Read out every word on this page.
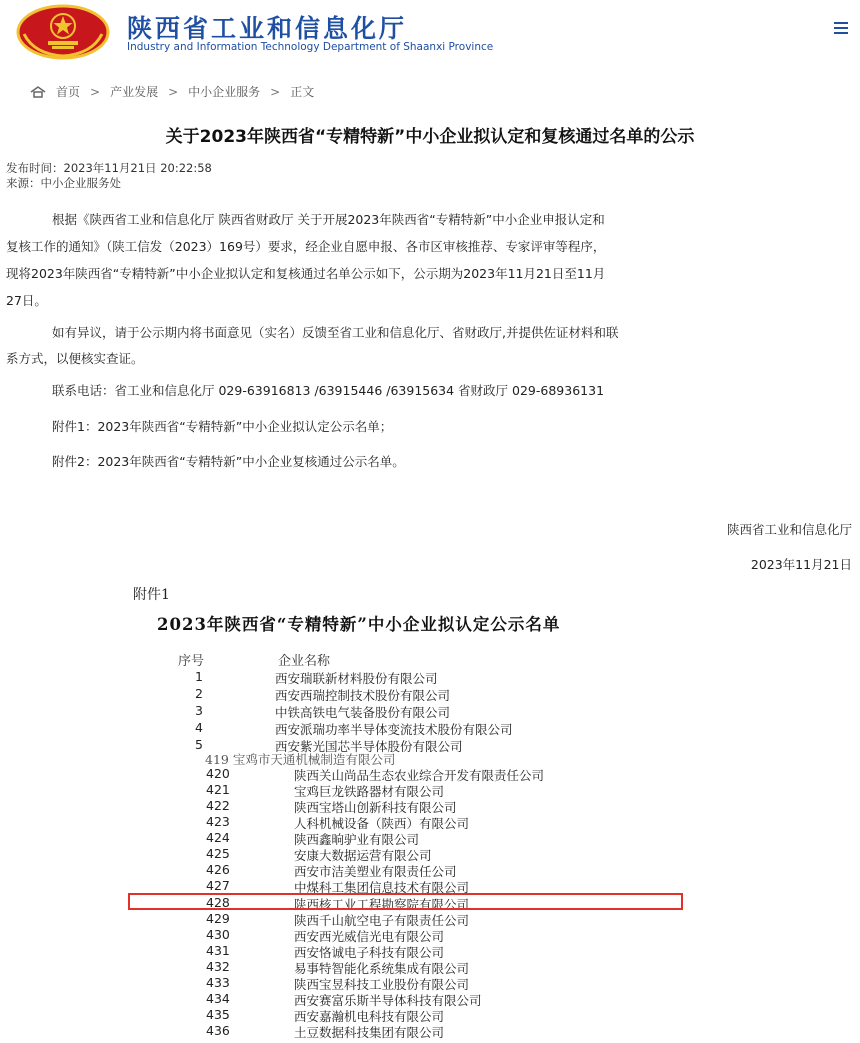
陕西省工业和信息化厅
Industry and Information Technology Department of Shaanxi Province
首页 > 产业发展 > 中小企业服务 > 正文
关于2023年陕西省“专精特新”中小企业拟认定和复核通过名单的公示
发布时间：2023年11月21日 20:22:58
来源：中小企业服务处
根据《陕西省工业和信息化厅 陕西省财政厅 关于开展2023年陕西省“专精特新”中小企业申报认定和
复核工作的通知》（陕工信发（2023）169号）要求，经企业自愿申报、各市区审核推荐、专家评审等程序，
现将2023年陕西省“专精特新”中小企业拟认定和复核通过名单公示如下，公示期为2023年11月21日至11月
27日。
如有异议，请于公示期内将书面意见（实名）反馈至省工业和信息化厅、省财政厅,并提供佐证材料和联
系方式，以便核实查证。
联系电话：省工业和信息化厅 029-63916813 /63915446 /63915634 省财政厅 029-68936131
附件1：2023年陕西省“专精特新”中小企业拟认定公示名单；
附件2：2023年陕西省“专精特新”中小企业复核通过公示名单。
陕西省工业和信息化厅
2023年11月21日
附件1
2023年陕西省“专精特新”中小企业拟认定公示名单
序号	企业名称
1	西安瑞联新材料股份有限公司
2	西安西瑞控制技术股份有限公司
3	中铁高铁电气装备股份有限公司
4	西安派瑞功率半导体变流技术股份有限公司
5	西安紫光国芯半导体股份有限公司
419 宝鸡市天通机械制造有限公司
420	陕西关山尚品生态农业综合开发有限责任公司
421	宝鸡巨龙铁路器材有限公司
422	陕西宝塔山创新科技有限公司
423	人科机械设备（陕西）有限公司
424	陕西鑫晌驴业有限公司
425	安康大数据运营有限公司
426	西安市洁美塑业有限责任公司
427	中煤科工集团信息技术有限公司
428	陕西核工业工程勘察院有限公司
429	陕西千山航空电子有限责任公司
430	西安西光威信光电有限公司
431	西安恪诚电子科技有限公司
432	易事特智能化系统集成有限公司
433	陕西宝昱科技工业股份有限公司
434	西安赛富乐斯半导体科技有限公司
435	西安嘉瀚机电科技有限公司
436	土豆数据科技集团有限公司
